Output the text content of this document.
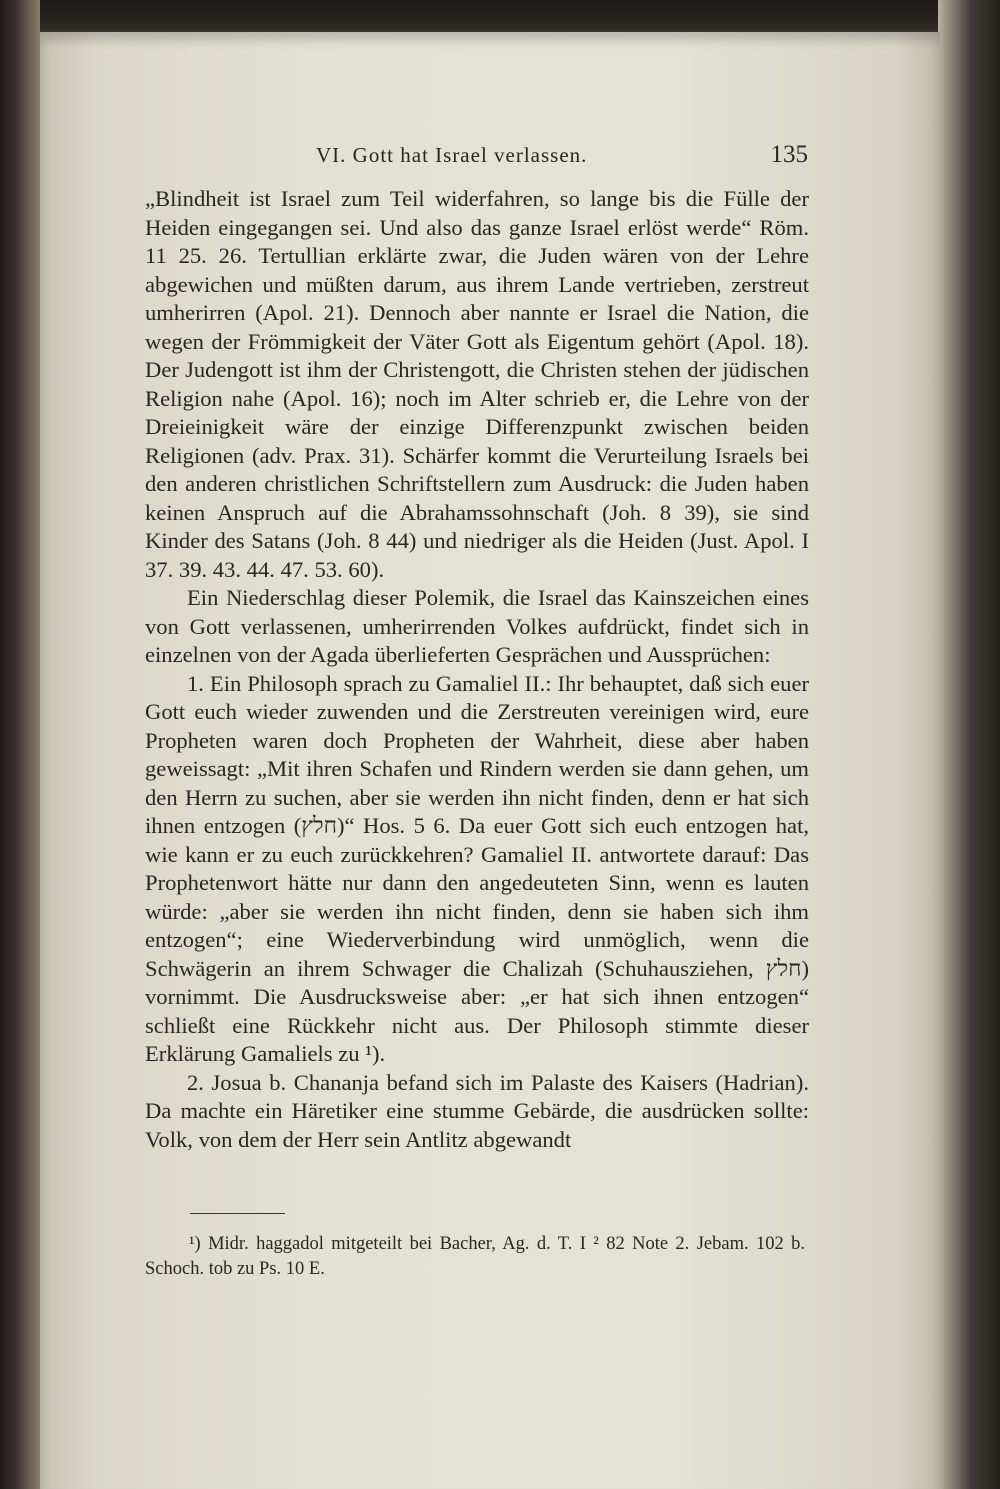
VI. Gott hat Israel verlassen.	135

„Blindheit ist Israel zum Teil widerfahren, so lange bis die Fülle der Heiden eingegangen sei. Und also das ganze Israel erlöst werde“ Röm. 11 25. 26. Tertullian erklärte zwar, die Juden wären von der Lehre abgewichen und müßten darum, aus ihrem Lande vertrieben, zerstreut umherirren (Apol. 21). Dennoch aber nannte er Israel die Nation, die wegen der Frömmigkeit der Väter Gott als Eigentum gehört (Apol. 18). Der Judengott ist ihm der Christengott, die Christen stehen der jüdischen Religion nahe (Apol. 16); noch im Alter schrieb er, die Lehre von der Dreieinigkeit wäre der einzige Differenzpunkt zwischen beiden Religionen (adv. Prax. 31). Schärfer kommt die Verurteilung Israels bei den anderen christlichen Schriftstellern zum Ausdruck: die Juden haben keinen Anspruch auf die Abrahamssohnschaft (Joh. 8 39), sie sind Kinder des Satans (Joh. 8 44) und niedriger als die Heiden (Just. Apol. I 37. 39. 43. 44. 47. 53. 60).

Ein Niederschlag dieser Polemik, die Israel das Kainszeichen eines von Gott verlassenen, umherirrenden Volkes aufdrückt, findet sich in einzelnen von der Agada überlieferten Gesprächen und Aussprüchen:

1. Ein Philosoph sprach zu Gamaliel II.: Ihr behauptet, daß sich euer Gott euch wieder zuwenden und die Zerstreuten vereinigen wird, eure Propheten waren doch Propheten der Wahrheit, diese aber haben geweissagt: „Mit ihren Schafen und Rindern werden sie dann gehen, um den Herrn zu suchen, aber sie werden ihn nicht finden, denn er hat sich ihnen entzogen (חלץ)“ Hos. 5 6. Da euer Gott sich euch entzogen hat, wie kann er zu euch zurückkehren? Gamaliel II. antwortete darauf: Das Prophetenwort hätte nur dann den angedeuteten Sinn, wenn es lauten würde: „aber sie werden ihn nicht finden, denn sie haben sich ihm entzogen“; eine Wiederverbindung wird unmöglich, wenn die Schwägerin an ihrem Schwager die Chalizah (Schuhausziehen, חלץ) vornimmt. Die Ausdrucksweise aber: „er hat sich ihnen entzogen“ schließt eine Rückkehr nicht aus. Der Philosoph stimmte dieser Erklärung Gamaliels zu ¹).

2. Josua b. Chananja befand sich im Palaste des Kaisers (Hadrian). Da machte ein Häretiker eine stumme Gebärde, die ausdrücken sollte: Volk, von dem der Herr sein Antlitz abgewandt

¹) Midr. haggadol mitgeteilt bei Bacher, Ag. d. T. I ² 82 Note 2. Jebam. 102 b. Schoch. tob zu Ps. 10 E.
